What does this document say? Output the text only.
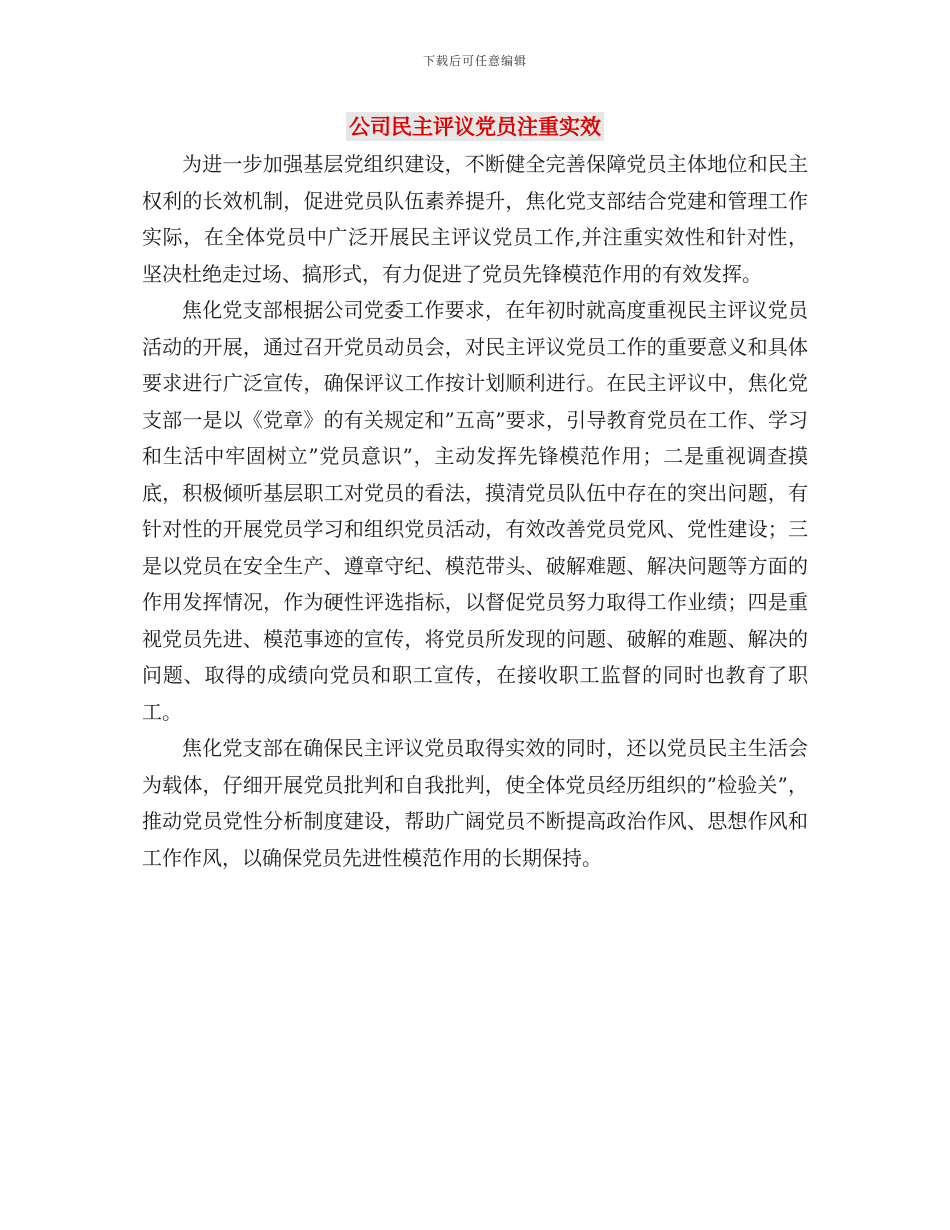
下载后可任意编辑
公司民主评议党员注重实效

为进一步加强基层党组织建设，不断健全完善保障党员主体地位和民主权利的长效机制，促进党员队伍素养提升，焦化党支部结合党建和管理工作实际，在全体党员中广泛开展民主评议党员工作,并注重实效性和针对性，坚决杜绝走过场、搞形式，有力促进了党员先锋模范作用的有效发挥。

焦化党支部根据公司党委工作要求，在年初时就高度重视民主评议党员活动的开展，通过召开党员动员会，对民主评议党员工作的重要意义和具体要求进行广泛宣传，确保评议工作按计划顺利进行。在民主评议中，焦化党支部一是以《党章》的有关规定和”五高”要求，引导教育党员在工作、学习和生活中牢固树立”党员意识”，主动发挥先锋模范作用；二是重视调查摸底，积极倾听基层职工对党员的看法，摸清党员队伍中存在的突出问题，有针对性的开展党员学习和组织党员活动，有效改善党员党风、党性建设；三是以党员在安全生产、遵章守纪、模范带头、破解难题、解决问题等方面的作用发挥情况，作为硬性评选指标，以督促党员努力取得工作业绩；四是重视党员先进、模范事迹的宣传，将党员所发现的问题、破解的难题、解决的问题、取得的成绩向党员和职工宣传，在接收职工监督的同时也教育了职工。

焦化党支部在确保民主评议党员取得实效的同时，还以党员民主生活会为载体，仔细开展党员批判和自我批判，使全体党员经历组织的”检验关”，推动党员党性分析制度建设，帮助广阔党员不断提高政治作风、思想作风和工作作风，以确保党员先进性模范作用的长期保持。
